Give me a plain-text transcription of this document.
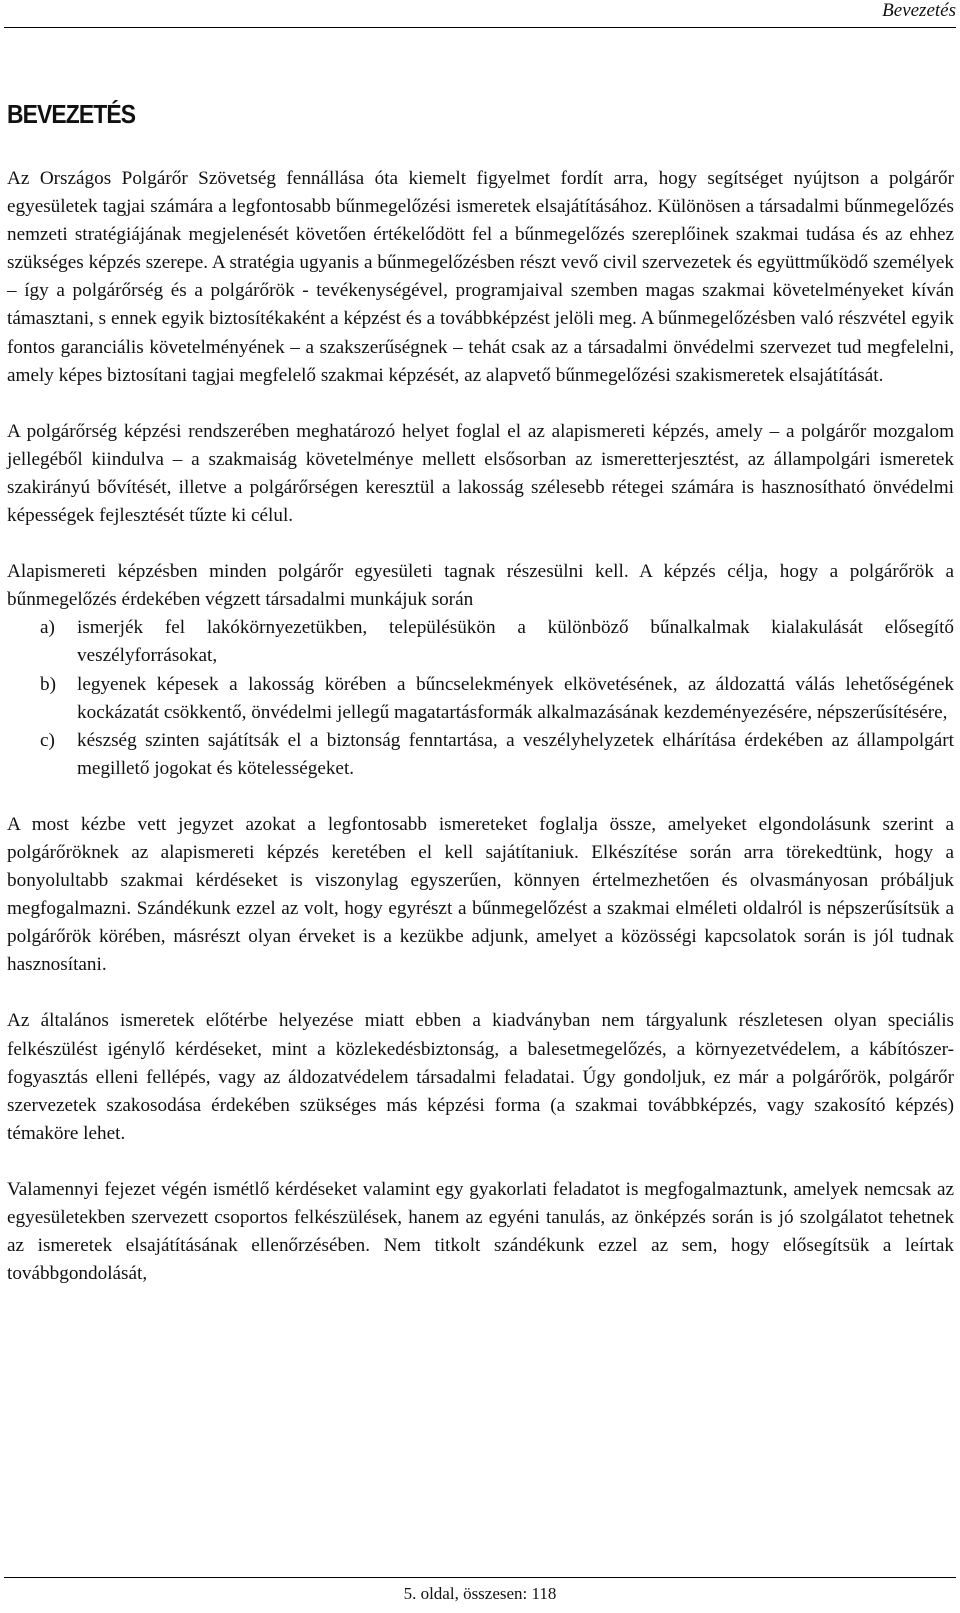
Bevezetés
BEVEZETÉS

Az Országos Polgárőr Szövetség fennállása óta kiemelt figyelmet fordít arra, hogy segítséget nyújtson a polgárőr egyesületek tagjai számára a legfontosabb bűnmegelőzési ismeretek elsajátításához. Különösen a társadalmi bűnmegelőzés nemzeti stratégiájának megjelenését követően értékelődött fel a bűnmegelőzés szereplőinek szakmai tudása és az ehhez szükséges képzés szerepe. A stratégia ugyanis a bűnmegelőzésben részt vevő civil szervezetek és együttműködő személyek – így a polgárőrség és a polgárőrök - tevékenységével, programjaival szemben magas szakmai követelményeket kíván támasztani, s ennek egyik biztosítékaként a képzést és a továbbképzést jelöli meg. A bűnmegelőzésben való részvétel egyik fontos garanciális követelményének – a szakszerűségnek – tehát csak az a társadalmi önvédelmi szervezet tud megfelelni, amely képes biztosítani tagjai megfelelő szakmai képzését, az alapvető bűnmegelőzési szakismeretek elsajátítását.

A polgárőrség képzési rendszerében meghatározó helyet foglal el az alapismereti képzés, amely – a polgárőr mozgalom jellegéből kiindulva – a szakmaiság követelménye mellett elsősorban az ismeretterjesztést, az állampolgári ismeretek szakirányú bővítését, illetve a polgárőrségen keresztül a lakosság szélesebb rétegei számára is hasznosítható önvédelmi képességek fejlesztését tűzte ki célul.

Alapismereti képzésben minden polgárőr egyesületi tagnak részesülni kell. A képzés célja, hogy a polgárőrök a bűnmegelőzés érdekében végzett társadalmi munkájuk során

a) ismerjék fel lakókörnyezetükben, településükön a különböző bűnalkalmak kialakulását elősegítő veszélyforrásokat,
b) legyenek képesek a lakosság körében a bűncselekmények elkövetésének, az áldozattá válás lehetőségének kockázatát csökkentő, önvédelmi jellegű magatartásformák alkalmazásának kezdeményezésére, népszerűsítésére,
c) készség szinten sajátítsák el a biztonság fenntartása, a veszélyhelyzetek elhárítása érdekében az állampolgárt megillető jogokat és kötelességeket.

A most kézbe vett jegyzet azokat a legfontosabb ismereteket foglalja össze, amelyeket elgondolásunk szerint a polgárőröknek az alapismereti képzés keretében el kell sajátítaniuk. Elkészítése során arra törekedtünk, hogy a bonyolultabb szakmai kérdéseket is viszonylag egyszerűen, könnyen értelmezhetően és olvasmányosan próbáljuk megfogalmazni. Szándékunk ezzel az volt, hogy egyrészt a bűnmegelőzést a szakmai elméleti oldalról is népszerűsítsük a polgárőrök körében, másrészt olyan érveket is a kezükbe adjunk, amelyet a közösségi kapcsolatok során is jól tudnak hasznosítani.

Az általános ismeretek előtérbe helyezése miatt ebben a kiadványban nem tárgyalunk részletesen olyan speciális felkészülést igénylő kérdéseket, mint a közlekedésbiztonság, a balesetmegelőzés, a környezetvédelem, a kábítószer-fogyasztás elleni fellépés, vagy az áldozatvédelem társadalmi feladatai. Úgy gondoljuk, ez már a polgárőrök, polgárőr szervezetek szakosodása érdekében szükséges más képzési forma (a szakmai továbbképzés, vagy szakosító képzés) témaköre lehet.

Valamennyi fejezet végén ismétlő kérdéseket valamint egy gyakorlati feladatot is megfogalmaztunk, amelyek nemcsak az egyesületekben szervezett csoportos felkészülések, hanem az egyéni tanulás, az önképzés során is jó szolgálatot tehetnek az ismeretek elsajátításának ellenőrzésében. Nem titkolt szándékunk ezzel az sem, hogy elősegítsük a leírtak továbbgondolását,

5. oldal, összesen: 118
